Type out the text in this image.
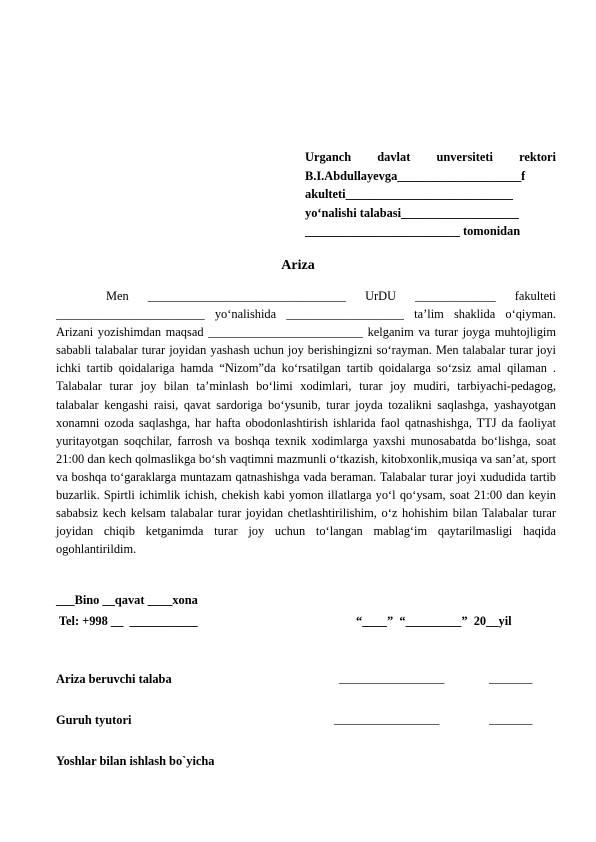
Urganch davlat unversiteti rektori
B.I.Abdullayevga____________________f
akulteti___________________________
yo‘nalishi talabasi___________________
_________________________ tomonidan
Ariza

Men ________________________________ UrDU _____________ fakulteti ________________________ yo‘nalishida ___________________ ta’lim shaklida o‘qiyman. Arizani yozishimdan maqsad _________________________ kelganim va turar joyga muhtojligim sababli talabalar turar joyidan yashash uchun joy berishingizni so‘rayman. Men talabalar turar joyi ichki tartib qoidalariga hamda “Nizom”da ko‘rsatilgan tartib qoidalarga so‘zsiz amal qilaman . Talabalar turar joy bilan ta’minlash bo‘limi xodimlari, turar joy mudiri, tarbiyachi-pedagog, talabalar kengashi raisi, qavat sardoriga bo‘ysunib, turar joyda tozalikni saqlashga, yashayotgan xonamni ozoda saqlashga, har hafta obodonlashtirish ishlarida faol qatnashishga, TTJ da faoliyat yuritayotgan soqchilar, farrosh va boshqa texnik xodimlarga yaxshi munosabatda bo‘lishga, soat 21:00 dan kech qolmaslikga bo‘sh vaqtimni mazmunli o‘tkazish, kitobxonlik,musiqa va san’at, sport va boshqa to‘garaklarga muntazam qatnashishga vada beraman. Talabalar turar joyi xududida tartib buzarlik. Spirtli ichimlik ichish, chekish kabi yomon illatlarga yo‘l qo‘ysam, soat 21:00 dan keyin sababsiz kech kelsam talabalar turar joyidan chetlashtirilishim, o‘z hohishim bilan Talabalar turar joyidan chiqib ketganimda turar joy uchun to‘langan mablag‘im qaytarilmasligi haqida ogohlantirildim.

___Bino __qavat ____xona
Tel: +998 __  ___________	“____”  “_________”  20__yil
Ariza beruvchi talaba	_________________	_______
Guruh tyutori	_________________	_______
Yoshlar bilan ishlash bo`yicha
